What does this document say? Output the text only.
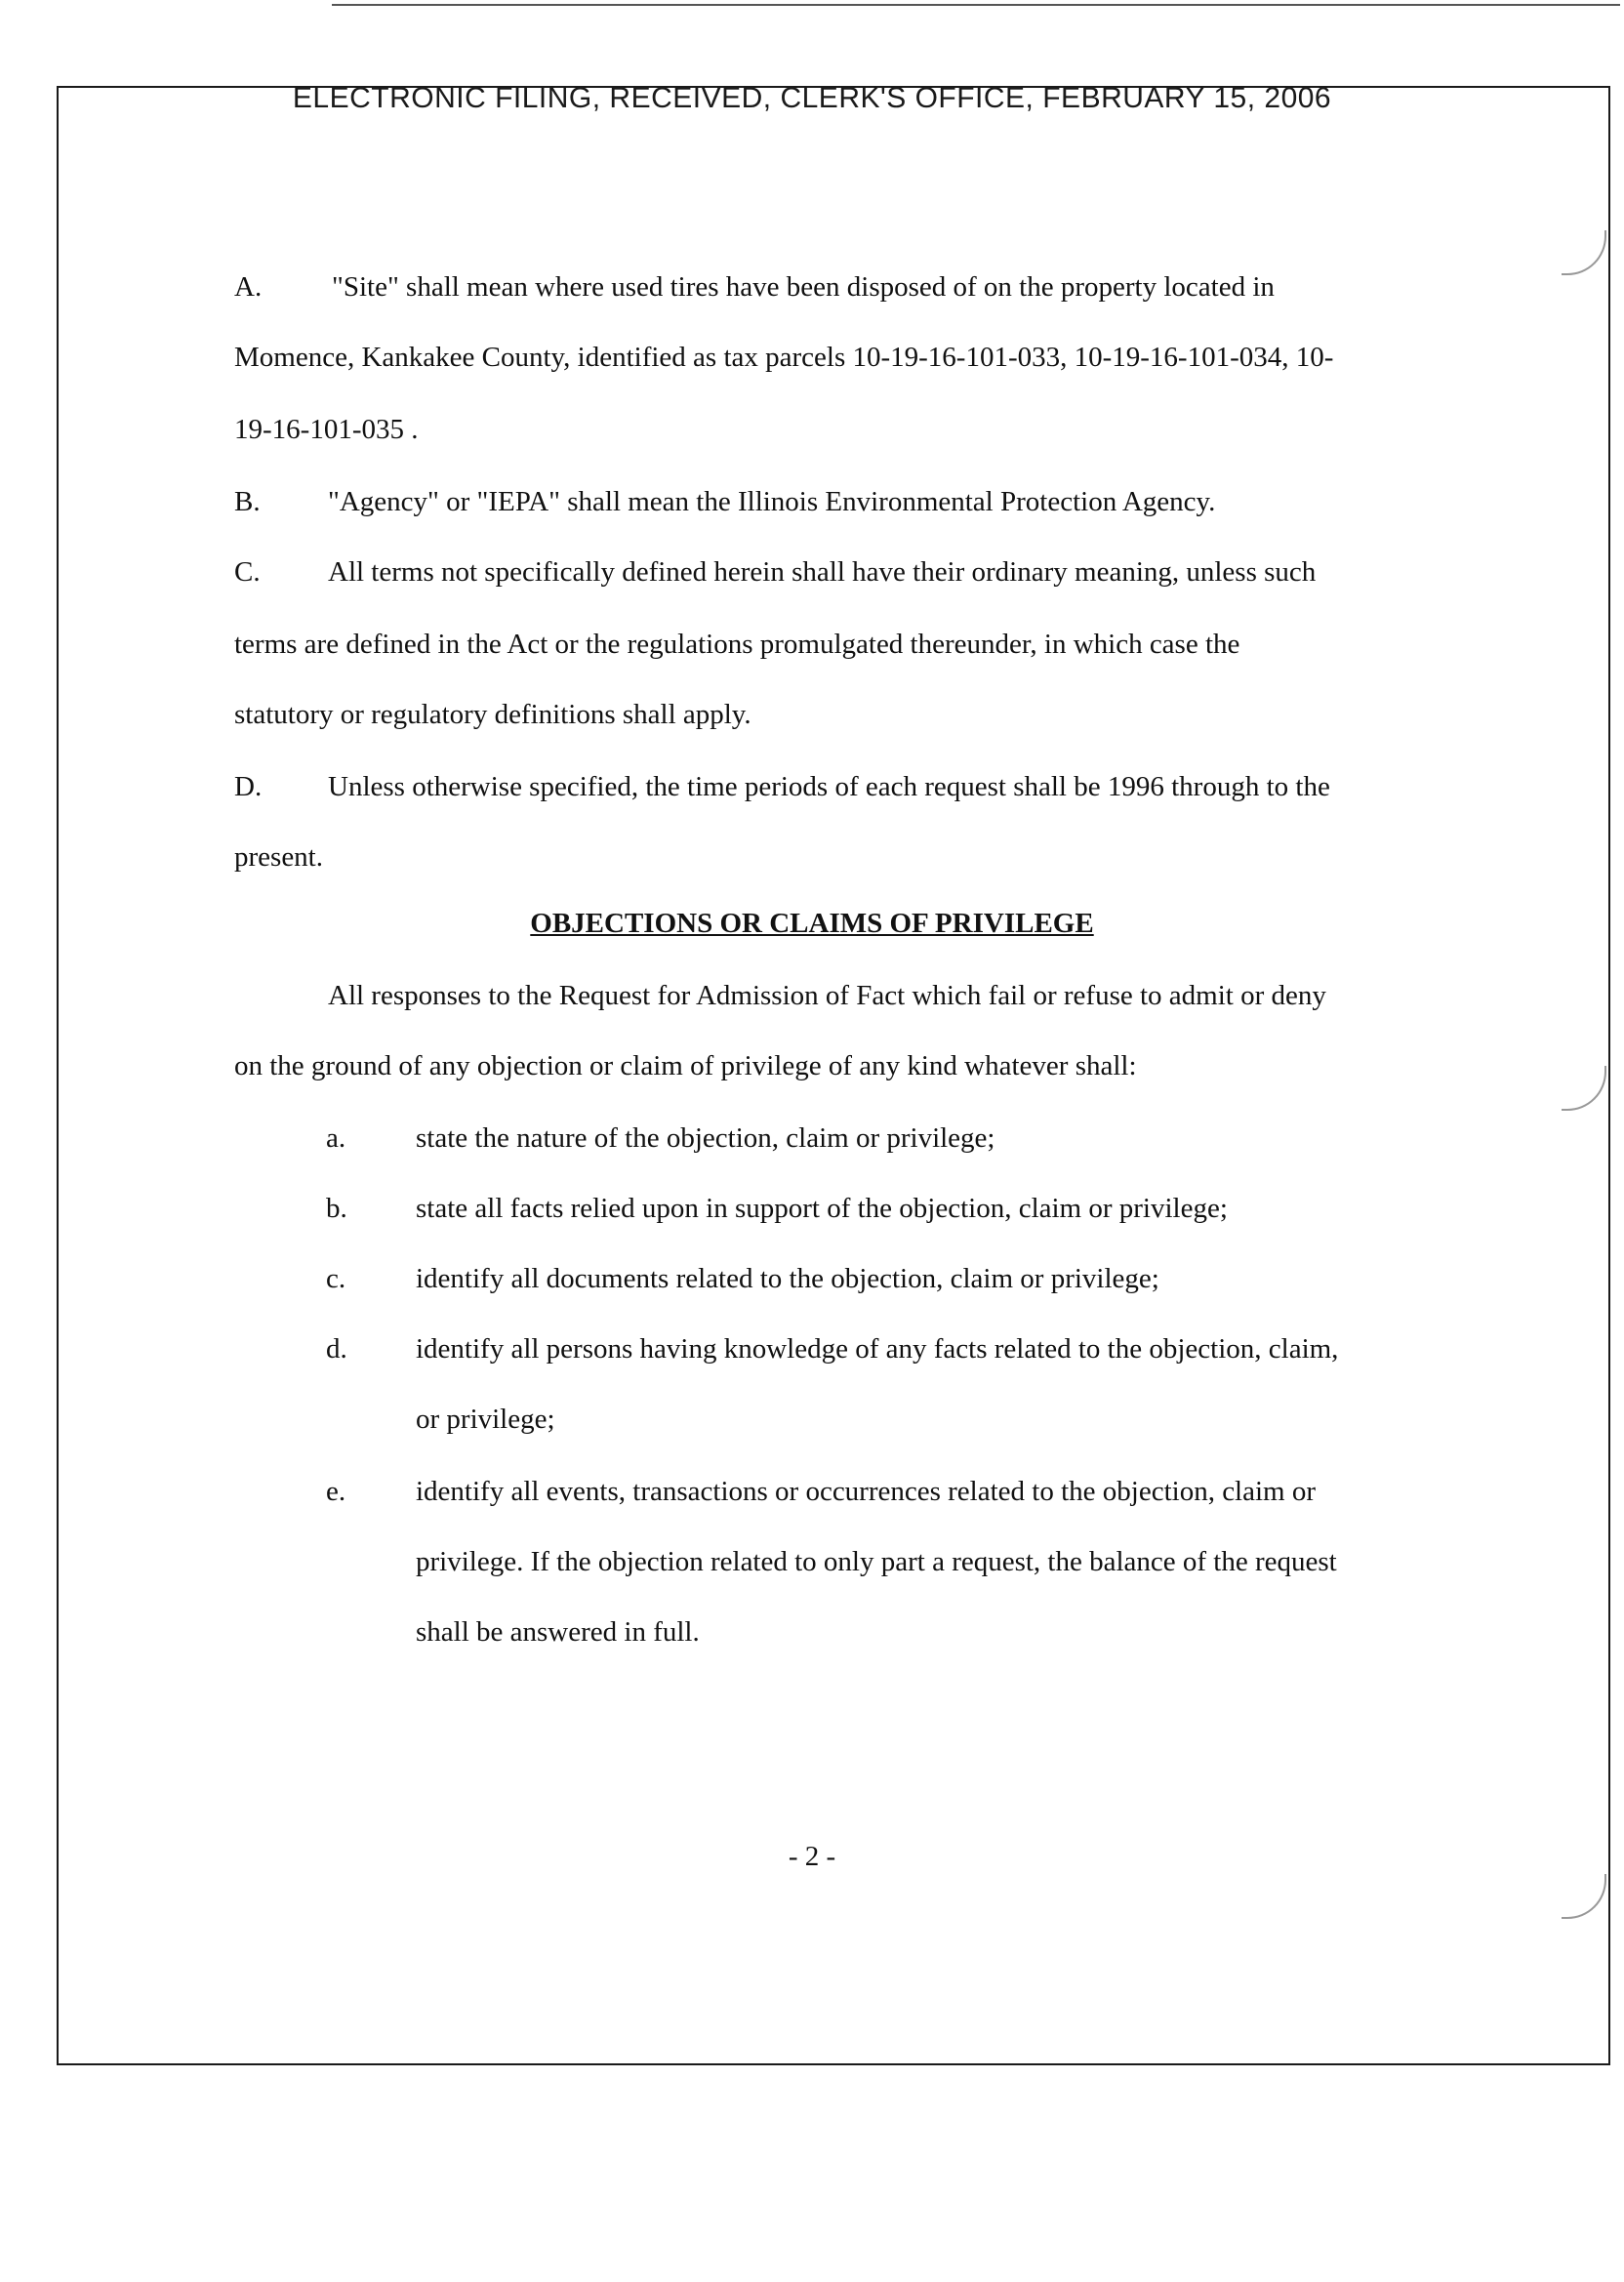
ELECTRONIC FILING, RECEIVED, CLERK'S OFFICE, FEBRUARY 15, 2006
A. "Site" shall mean where used tires have been disposed of on the property located in
Momence, Kankakee County, identified as tax parcels 10-19-16-101-033, 10-19-16-101-034, 10-
19-16-101-035 .
B. "Agency" or "IEPA" shall mean the Illinois Environmental Protection Agency.
C. All terms not specifically defined herein shall have their ordinary meaning, unless such
terms are defined in the Act or the regulations promulgated thereunder, in which case the
statutory or regulatory definitions shall apply.
D. Unless otherwise specified, the time periods of each request shall be 1996 through to the
present.
OBJECTIONS OR CLAIMS OF PRIVILEGE
All responses to the Request for Admission of Fact which fail or refuse to admit or deny
on the ground of any objection or claim of privilege of any kind whatever shall:
a. state the nature of the objection, claim or privilege;
b. state all facts relied upon in support of the objection, claim or privilege;
c. identify all documents related to the objection, claim or privilege;
d. identify all persons having knowledge of any facts related to the objection, claim,
or privilege;
e. identify all events, transactions or occurrences related to the objection, claim or
privilege. If the objection related to only part a request, the balance of the request
shall be answered in full.
- 2 -
